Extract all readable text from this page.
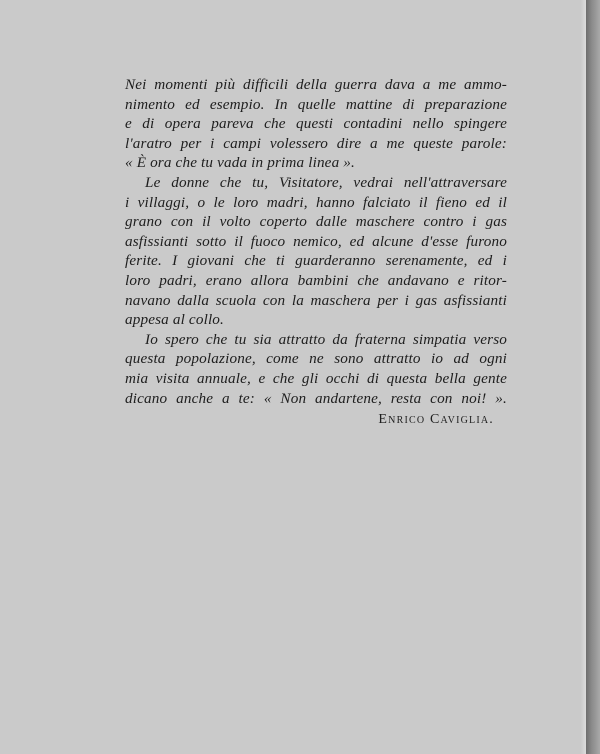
Nei momenti più difficili della guerra dava a me ammo-
nimento ed esempio. In quelle mattine di preparazione
e di opera pareva che questi contadini nello spingere
l'aratro per i campi volessero dire a me queste parole:
« È ora che tu vada in prima linea ».

Le donne che tu, Visitatore, vedrai nell'attraversare
i villaggi, o le loro madri, hanno falciato il fieno ed il
grano con il volto coperto dalle maschere contro i gas
asfissianti sotto il fuoco nemico, ed alcune d'esse furono
ferite. I giovani che ti guarderanno serenamente, ed i
loro padri, erano allora bambini che andavano e ritor-
navano dalla scuola con la maschera per i gas asfissianti
appesa al collo.

Io spero che tu sia attratto da fraterna simpatia verso
questa popolazione, come ne sono attratto io ad ogni
mia visita annuale, e che gli occhi di questa bella gente
dicano anche a te: « Non andartene, resta con noi! ».

Enrico Caviglia.
